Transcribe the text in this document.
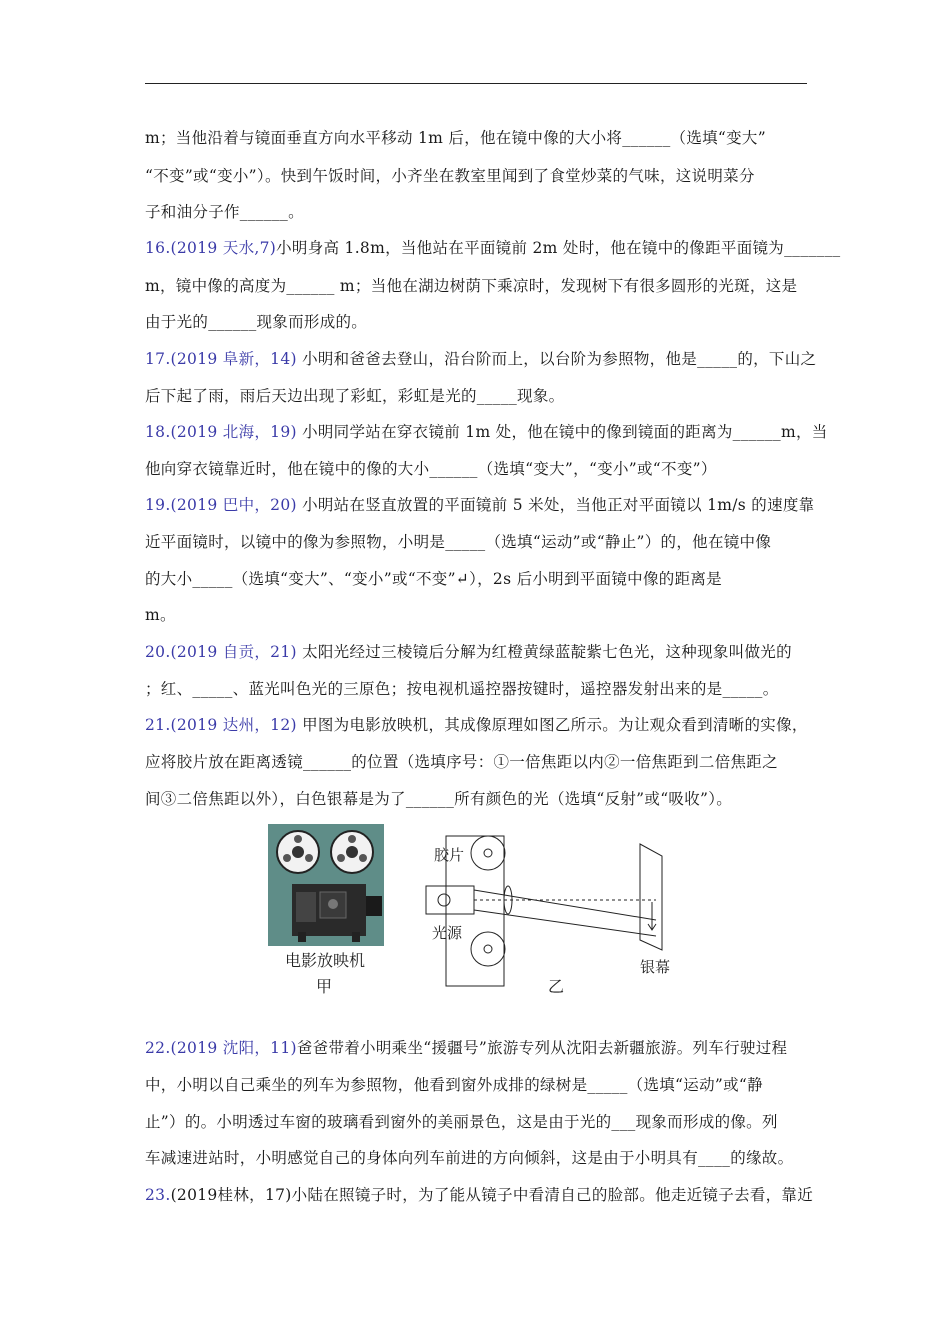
m；当他沿着与镜面垂直方向水平移动 1m 后，他在镜中像的大小将______（选填“变大”
“不变”或“变小”）。快到午饭时间，小齐坐在教室里闻到了食堂炒菜的气味，这说明菜分
子和油分子作______。
16.(2019 天水,7)小明身高 1.8m，当他站在平面镜前 2m 处时，他在镜中的像距平面镜为_______
m，镜中像的高度为______ m；当他在湖边树荫下乘凉时，发现树下有很多圆形的光斑，这是
由于光的______现象而形成的。
17.(2019 阜新，14) 小明和爸爸去登山，沿台阶而上，以台阶为参照物，他是_____的，下山之
后下起了雨，雨后天边出现了彩虹，彩虹是光的_____现象。
18.(2019 北海，19) 小明同学站在穿衣镜前 1m 处，他在镜中的像到镜面的距离为______m，当
他向穿衣镜靠近时，他在镜中的像的大小______（选填“变大”，“变小”或“不变”）
19.(2019 巴中，20) 小明站在竖直放置的平面镜前 5 米处，当他正对平面镜以 1m/s 的速度靠
近平面镜时，以镜中的像为参照物，小明是_____（选填“运动”或“静止”）的，他在镜中像
的大小_____（选填“变大”、“变小”或“不变”↵），2s 后小明到平面镜中像的距离是
m。
20.(2019 自贡，21) 太阳光经过三棱镜后分解为红橙黄绿蓝靛紫七色光，这种现象叫做光的
；红、_____、蓝光叫色光的三原色；按电视机遥控器按键时，遥控器发射出来的是_____。
21.(2019 达州，12) 甲图为电影放映机，其成像原理如图乙所示。为让观众看到清晰的实像，
应将胶片放在距离透镜______的位置（选填序号：①一倍焦距以内②一倍焦距到二倍焦距之
间③二倍焦距以外），白色银幕是为了______所有颜色的光（选填“反射”或“吸收”）。
电影放映机
甲
胶片
光源
银幕
乙
22.(2019 沈阳，11)爸爸带着小明乘坐“援疆号”旅游专列从沈阳去新疆旅游。列车行驶过程
中，小明以自己乘坐的列车为参照物，他看到窗外成排的绿树是_____（选填“运动”或“静
止”）的。小明透过车窗的玻璃看到窗外的美丽景色，这是由于光的___现象而形成的像。列
车减速进站时，小明感觉自己的身体向列车前进的方向倾斜，这是由于小明具有____的缘故。
23.(2019桂林，17)小陆在照镜子时，为了能从镜子中看清自己的脸部。他走近镜子去看，靠近
